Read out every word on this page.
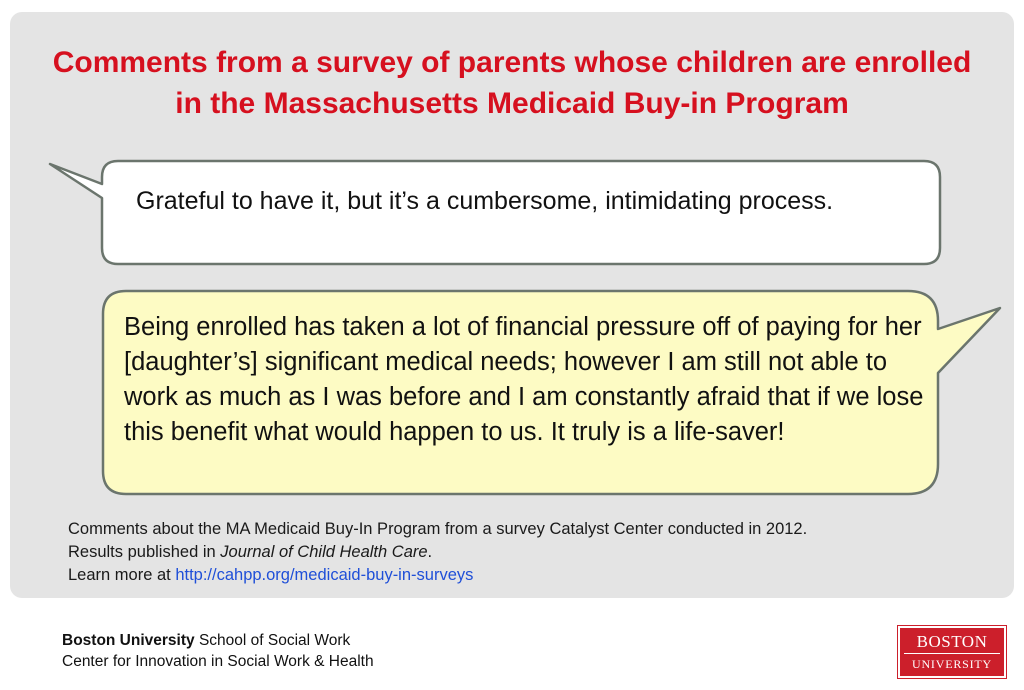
Comments from a survey of parents whose children are enrolled in the Massachusetts Medicaid Buy-in Program

Grateful to have it, but it’s a cumbersome, intimidating process.

Being enrolled has taken a lot of financial pressure off of paying for her [daughter’s] significant medical needs; however I am still not able to work as much as I was before and I am constantly afraid that if we lose this benefit what would happen to us. It truly is a life-saver!

Comments about the MA Medicaid Buy-In Program from a survey Catalyst Center conducted in 2012.

Results published in Journal of Child Health Care.

Learn more at http://cahpp.org/medicaid-buy-in-surveys

Boston University School of Social Work

Center for Innovation in Social Work & Health

BOSTON
UNIVERSITY
